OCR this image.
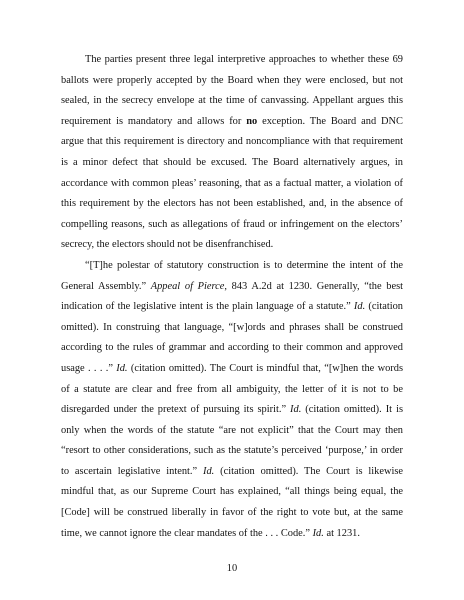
The parties present three legal interpretive approaches to whether these 69 ballots were properly accepted by the Board when they were enclosed, but not sealed, in the secrecy envelope at the time of canvassing. Appellant argues this requirement is mandatory and allows for no exception. The Board and DNC argue that this requirement is directory and noncompliance with that requirement is a minor defect that should be excused. The Board alternatively argues, in accordance with common pleas’ reasoning, that as a factual matter, a violation of this requirement by the electors has not been established, and, in the absence of compelling reasons, such as allegations of fraud or infringement on the electors’ secrecy, the electors should not be disenfranchised.

“[T]he polestar of statutory construction is to determine the intent of the General Assembly.” Appeal of Pierce, 843 A.2d at 1230. Generally, “the best indication of the legislative intent is the plain language of a statute.” Id. (citation omitted). In construing that language, “[w]ords and phrases shall be construed according to the rules of grammar and according to their common and approved usage . . . .” Id. (citation omitted). The Court is mindful that, “[w]hen the words of a statute are clear and free from all ambiguity, the letter of it is not to be disregarded under the pretext of pursuing its spirit.” Id. (citation omitted). It is only when the words of the statute “are not explicit” that the Court may then “resort to other considerations, such as the statute’s perceived ‘purpose,’ in order to ascertain legislative intent.” Id. (citation omitted). The Court is likewise mindful that, as our Supreme Court has explained, “all things being equal, the [Code] will be construed liberally in favor of the right to vote but, at the same time, we cannot ignore the clear mandates of the . . . Code.” Id. at 1231.

10
